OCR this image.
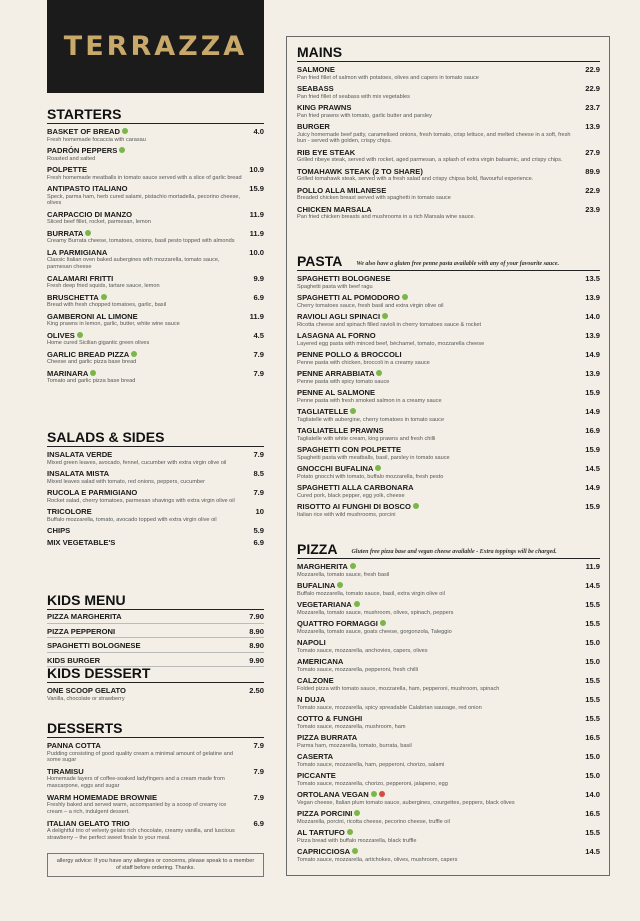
TERRAZZA
STARTERS
BASKET OF BREAD	4.0
Fresh homemade focaccia with carasau
PADRÓN PEPPERS
Roasted and salted
POLPETTE	10.9
Fresh homemade meatballs in tomato sauce served with a slice of garlic bread
ANTIPASTO ITALIANO	15.9
Speck, parma ham, herb cured salami, pistachio mortadella, pecorino cheese, olives
CARPACCIO DI MANZO	11.9
Sliced beef fillet, rocket, parmesan, lemon
BURRATA	11.9
Creamy Burrata cheese, tomatoes, onions, basil pesto topped with almonds
LA PARMIGIANA	10.0
Classic Italian oven baked aubergines with mozzarella, tomato sauce, parmesan cheese
CALAMARI FRITTI	9.9
Fresh deep fried squids, tartare sauce, lemon
BRUSCHETTA	6.9
Bread with fresh chopped tomatoes, garlic, basil
GAMBERONI AL LIMONE	11.9
King prawns in lemon, garlic, butter, white wine sauce
OLIVES	4.5
Home cured Sicilian gigantic green olives
GARLIC BREAD PIZZA	7.9
Cheese and garlic pizza base bread
MARINARA	7.9
Tomato and garlic pizza base bread
SALADS & SIDES
INSALATA VERDE	7.9
Mixed green leaves, avocado, fennel, cucumber with extra virgin olive oil
INSALATA MISTA	8.5
Mixed leaves salad with tomato, red onions, peppers, cucumber
RUCOLA E PARMIGIANO	7.9
Rocket salad, cherry tomatoes, parmesan shavings with extra virgin olive oil
TRICOLORE	10
Buffalo mozzarella, tomato, avocado topped with extra virgin olive oil
CHIPS	5.9
MIX VEGETABLE'S	6.9
KIDS MENU
PIZZA MARGHERITA	7.90
PIZZA PEPPERONI	8.90
SPAGHETTI BOLOGNESE	8.90
KIDS BURGER	9.90
KIDS DESSERT
ONE SCOOP GELATO	2.50
Vanilla, chocolate or strawberry
DESSERTS
PANNA COTTA	7.9
Pudding consisting of good quality cream a minimal amount of gelatine and some sugar
TIRAMISU	7.9
Homemade layers of coffee-soaked ladyfingers and a cream made from mascarpone, eggs and sugar
WARM HOMEMADE BROWNIE	7.9
Freshly baked and served warm, accompanied by a scoop of creamy ice cream – a rich, indulgent dessert.
ITALIAN GELATO TRIO	6.9
A delightful trio of velvety gelato rich chocolate, creamy vanilla, and luscious strawberry – the perfect sweet finale to your meal.
allergy advice: If you have any allergies or concerns, please speak to a member of staff before ordering. Thanks.
MAINS
SALMONE	22.9
Pan fried fillet of salmon with potatoes, olives and capers in tomato sauce
SEABASS	22.9
Pan fried fillet of seabass with mix vegetables
KING PRAWNS	23.7
Pan fried prawns with tomato, garlic butter and parsley
BURGER	13.9
Juicy homemade beef patty, caramelised onions, fresh tomato, crisp lettuce, and melted cheese in a soft, fresh bun - served with golden, crispy chips.
RIB EYE STEAK	27.9
Grilled ribeye steak, served with rocket, aged parmesan, a splash of extra virgin balsamic, and crispy chips.
TOMAHAWK STEAK (2 TO SHARE)	89.9
Grilled tomahawk steak, served with a fresh salad and crispy chipsa bold, flavourful experience.
POLLO ALLA MILANESE	22.9
Breaded chicken breast served with spaghetti in tomato sauce
CHICKEN MARSALA	23.9
Pan fried chicken breasts and mushrooms in a rich Marsala wine sauce.
PASTA We also have a gluten free penne pasta available with any of your favourite sauce.
SPAGHETTI BOLOGNESE	13.5
Spaghetti pasta with beef ragu
SPAGHETTI AL POMODORO	13.9
Cherry tomatoes sauce, fresh basil and extra virgin olive oil
RAVIOLI AGLI SPINACI	14.0
Ricotta cheese and spinach filled ravioli in cherry tomatoes sauce & rocket
LASAGNA AL FORNO	13.9
Layered egg pasta with minced beef, béchamel, tomato, mozzarella cheese
PENNE POLLO & BROCCOLI	14.9
Penne pasta with chicken, broccoli in a creamy sauce
PENNE ARRABBIATA	13.9
Penne pasta with spicy tomato sauce
PENNE AL SALMONE	15.9
Penne pasta with fresh smoked salmon in a creamy sauce
TAGLIATELLE	14.9
Tagliatelle with aubergine, cherry tomatoes in tomato sauce
TAGLIATELLE PRAWNS	16.9
Tagliatelle with white cream, king prawns and fresh chilli
SPAGHETTI CON POLPETTE	15.9
Spaghetti pasta with meatballs, basil, parsley in tomato sauce
GNOCCHI BUFALINA	14.5
Potato gnocchi with tomato, buffalo mozzarella, fresh pesto
SPAGHETTI ALLA CARBONARA	14.9
Cured pork, black pepper, egg yolk, cheese
RISOTTO AI FUNGHI DI BOSCO	15.9
Italian rice with wild mushrooms, porcini
PIZZA Gluten free pizza base and vegan cheese available - Extra toppings will be charged.
MARGHERITA	11.9
Mozzarella, tomato sauce, fresh basil
BUFALINA	14.5
Buffalo mozzarella, tomato sauce, basil, extra virgin olive oil
VEGETARIANA	15.5
Mozzarella, tomato sauce, mushroom, olives, spinach, peppers
QUATTRO FORMAGGI	15.5
Mozzarella, tomato sauce, goats cheese, gorgonzola, Taleggio
NAPOLI	15.0
Tomato sauce, mozzarella, anchovies, capers, olives
AMERICANA	15.0
Tomato sauce, mozzarella, pepperoni, fresh chilli
CALZONE	15.5
Folded pizza with tomato sauce, mozzarella, ham, pepperoni, mushroom, spinach
N DUJA	15.5
Tomato sauce, mozzarella, spicy spreadable Calabrian sausage, red onion
COTTO & FUNGHI	15.5
Tomato sauce, mozzarella, mushroom, ham
PIZZA BURRATA	16.5
Parma ham, mozzarella, tomato, burrata, basil
CASERTA	15.0
Tomato sauce, mozzarella, ham, pepperoni, chorizo, salami
PICCANTE	15.0
Tomato sauce, mozzarella, chorizo, pepperoni, jalapeno, egg
ORTOLANA VEGAN	14.0
Vegan cheese, Italian plum tomato sauce, aubergines, courgettes, peppers, black olives
PIZZA PORCINI	16.5
Mozzarella, porcini, ricotta cheese, pecorino cheese, truffle oil
AL TARTUFO	15.5
Pizza bread with buffalo mozzarella, black truffle
CAPRICCIOSA	14.5
Tomato sauce, mozzarella, artichokes, olives, mushroom, capers
